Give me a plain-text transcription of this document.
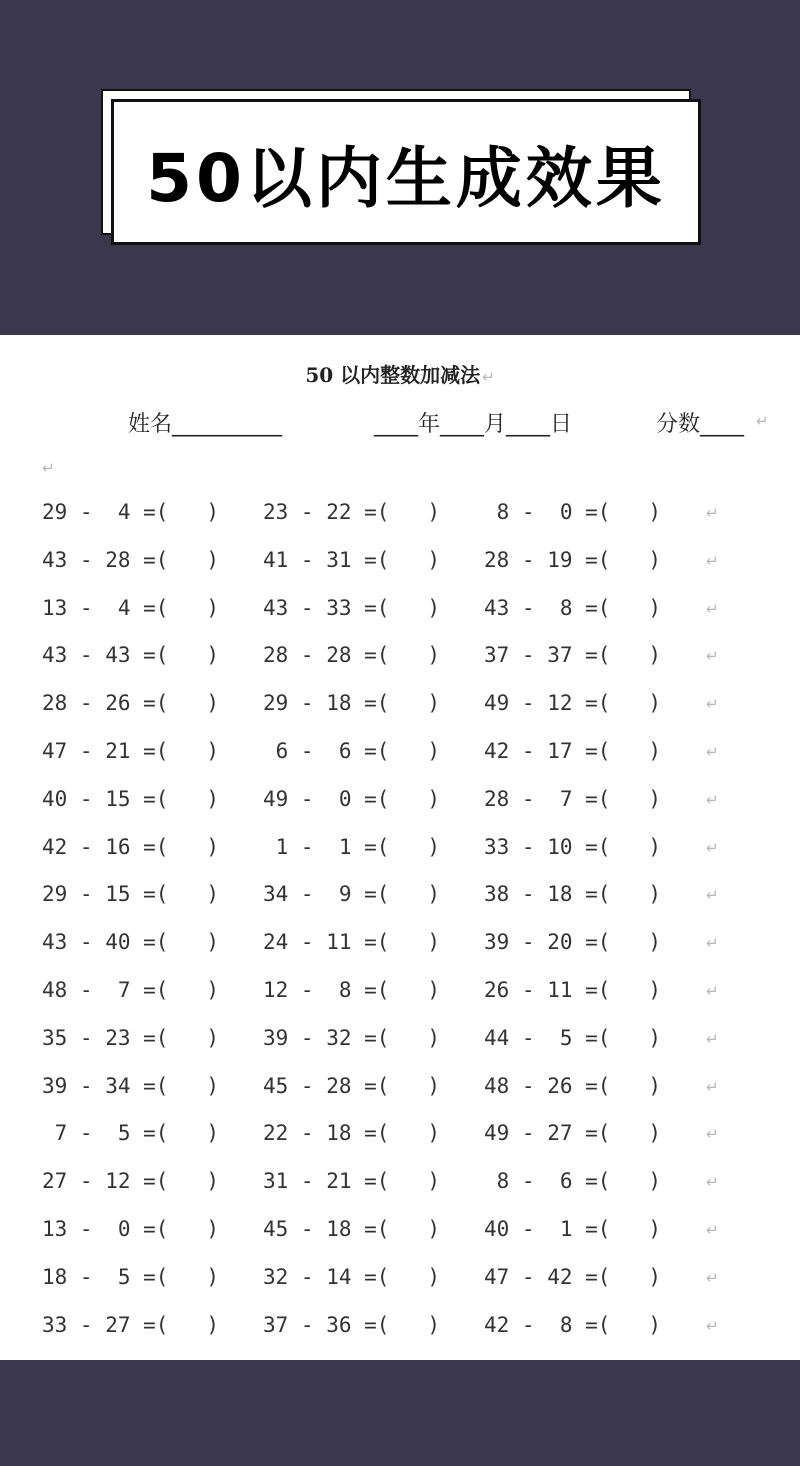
50以内生成效果
50 以内整数加减法 ↵
姓名__________	____年____月____日	分数____ ↵
↵
29 -  4 =(   ) 23 - 22 =(   ) 8 -  0 =(   )	↵
43 - 28 =(   ) 41 - 31 =(   ) 28 - 19 =(   )	↵
13 -  4 =(   ) 43 - 33 =(   ) 43 -  8 =(   )	↵
43 - 43 =(   ) 28 - 28 =(   ) 37 - 37 =(   )	↵
28 - 26 =(   ) 29 - 18 =(   ) 49 - 12 =(   )	↵
47 - 21 =(   ) 6 -  6 =(   ) 42 - 17 =(   )	↵
40 - 15 =(   ) 49 -  0 =(   ) 28 -  7 =(   )	↵
42 - 16 =(   ) 1 -  1 =(   ) 33 - 10 =(   )	↵
29 - 15 =(   ) 34 -  9 =(   ) 38 - 18 =(   )	↵
43 - 40 =(   ) 24 - 11 =(   ) 39 - 20 =(   )	↵
48 -  7 =(   ) 12 -  8 =(   ) 26 - 11 =(   )	↵
35 - 23 =(   ) 39 - 32 =(   ) 44 -  5 =(   )	↵
39 - 34 =(   ) 45 - 28 =(   ) 48 - 26 =(   )	↵
7 -  5 =(   ) 22 - 18 =(   ) 49 - 27 =(   )	↵
27 - 12 =(   ) 31 - 21 =(   ) 8 -  6 =(   )	↵
13 -  0 =(   ) 45 - 18 =(   ) 40 -  1 =(   )	↵
18 -  5 =(   ) 32 - 14 =(   ) 47 - 42 =(   )	↵
33 - 27 =(   ) 37 - 36 =(   ) 42 -  8 =(   )	↵
